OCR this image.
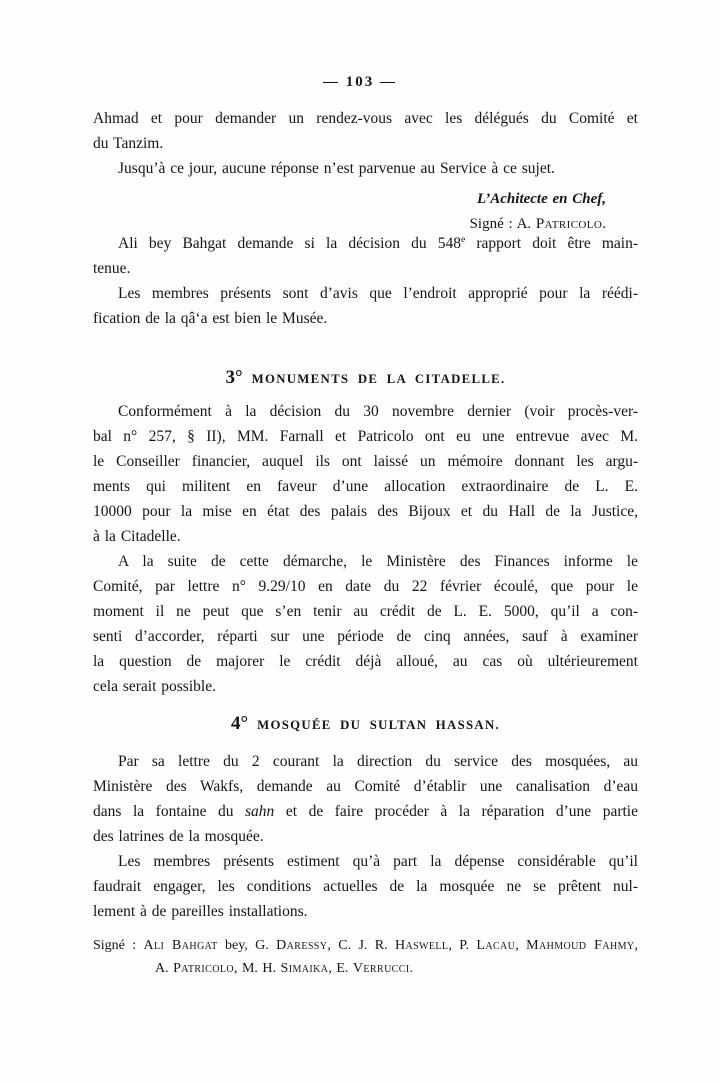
— 103 —
Ahmad et pour demander un rendez-vous avec les délégués du Comité et
du Tanzim.
Jusqu’à ce jour, aucune réponse n’est parvenue au Service à ce sujet.
L’Achitecte en Chef,
Signé : A. Patricolo.
Ali bey Bahgat demande si la décision du 548e rapport doit être main-
tenue.
Les membres présents sont d’avis que l’endroit approprié pour la réédi-
fication de la qâ‘a est bien le Musée.
3° MONUMENTS DE LA CITADELLE.
Conformément à la décision du 30 novembre dernier (voir procès-ver-
bal n° 257, § II), MM. Farnall et Patricolo ont eu une entrevue avec M.
le Conseiller financier, auquel ils ont laissé un mémoire donnant les argu-
ments qui militent en faveur d’une allocation extraordinaire de L. E.
10000 pour la mise en état des palais des Bijoux et du Hall de la Justice,
à la Citadelle.
A la suite de cette démarche, le Ministère des Finances informe le
Comité, par lettre n° 9.29/10 en date du 22 février écoulé, que pour le
moment il ne peut que s’en tenir au crédit de L. E. 5000, qu’il a con-
senti d’accorder, réparti sur une période de cinq années, sauf à examiner
la question de majorer le crédit déjà alloué, au cas où ultérieurement
cela serait possible.
4° MOSQUÉE DU SULTAN HASSAN.
Par sa lettre du 2 courant la direction du service des mosquées, au
Ministère des Wakfs, demande au Comité d’établir une canalisation d’eau
dans la fontaine du sahn et de faire procéder à la réparation d’une partie
des latrines de la mosquée.
Les membres présents estiment qu’à part la dépense considérable qu’il
faudrait engager, les conditions actuelles de la mosquée ne se prêtent nul-
lement à de pareilles installations.
Signé : Ali Bahgat bey, G. Daressy, C. J. R. Haswell, P. Lacau, Mahmoud Fahmy,
A. Patricolo, M. H. Simaika, E. Verrucci.
